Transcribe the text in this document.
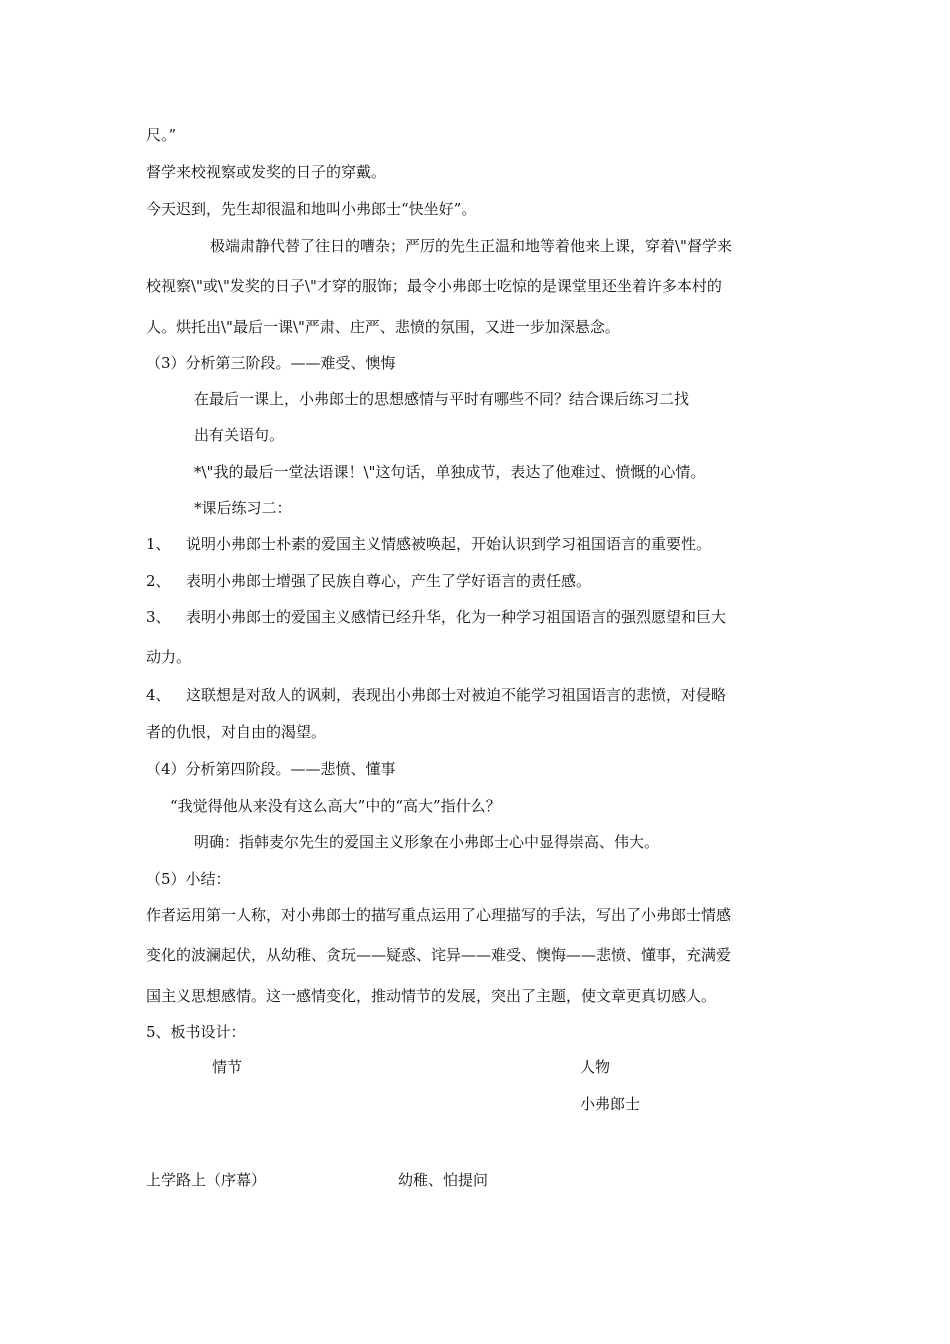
尺。”
督学来校视察或发奖的日子的穿戴。
今天迟到，先生却很温和地叫小弗郎士“快坐好”。
极端肃静代替了往日的嘈杂；严厉的先生正温和地等着他来上课，穿着\"督学来
校视察\"或\"发奖的日子\"才穿的服饰；最令小弗郎士吃惊的是课堂里还坐着许多本村的
人。烘托出\"最后一课\"严肃、庄严、悲愤的氛围，又进一步加深悬念。
（3）分析第三阶段。——难受、懊悔
在最后一课上，小弗郎士的思想感情与平时有哪些不同？结合课后练习二找
出有关语句。
*\"我的最后一堂法语课！\"这句话，单独成节，表达了他难过、愤慨的心情。
*课后练习二：
1、 说明小弗郎士朴素的爱国主义情感被唤起，开始认识到学习祖国语言的重要性。
2、 表明小弗郎士增强了民族自尊心，产生了学好语言的责任感。
3、 表明小弗郎士的爱国主义感情已经升华，化为一种学习祖国语言的强烈愿望和巨大
动力。
4、 这联想是对敌人的讽刺，表现出小弗郎士对被迫不能学习祖国语言的悲愤，对侵略
者的仇恨，对自由的渴望。
（4）分析第四阶段。——悲愤、懂事
“我觉得他从来没有这么高大”中的“高大”指什么？
明确：指韩麦尔先生的爱国主义形象在小弗郎士心中显得崇高、伟大。
（5）小结：
作者运用第一人称，对小弗郎士的描写重点运用了心理描写的手法，写出了小弗郎士情感
变化的波澜起伏，从幼稚、贪玩——疑惑、诧异——难受、懊悔——悲愤、懂事，充满爱
国主义思想感情。这一感情变化，推动情节的发展，突出了主题，使文章更真切感人。
5、板书设计：
情节	人物
小弗郎士
上学路上（序幕）	幼稚、怕提问
